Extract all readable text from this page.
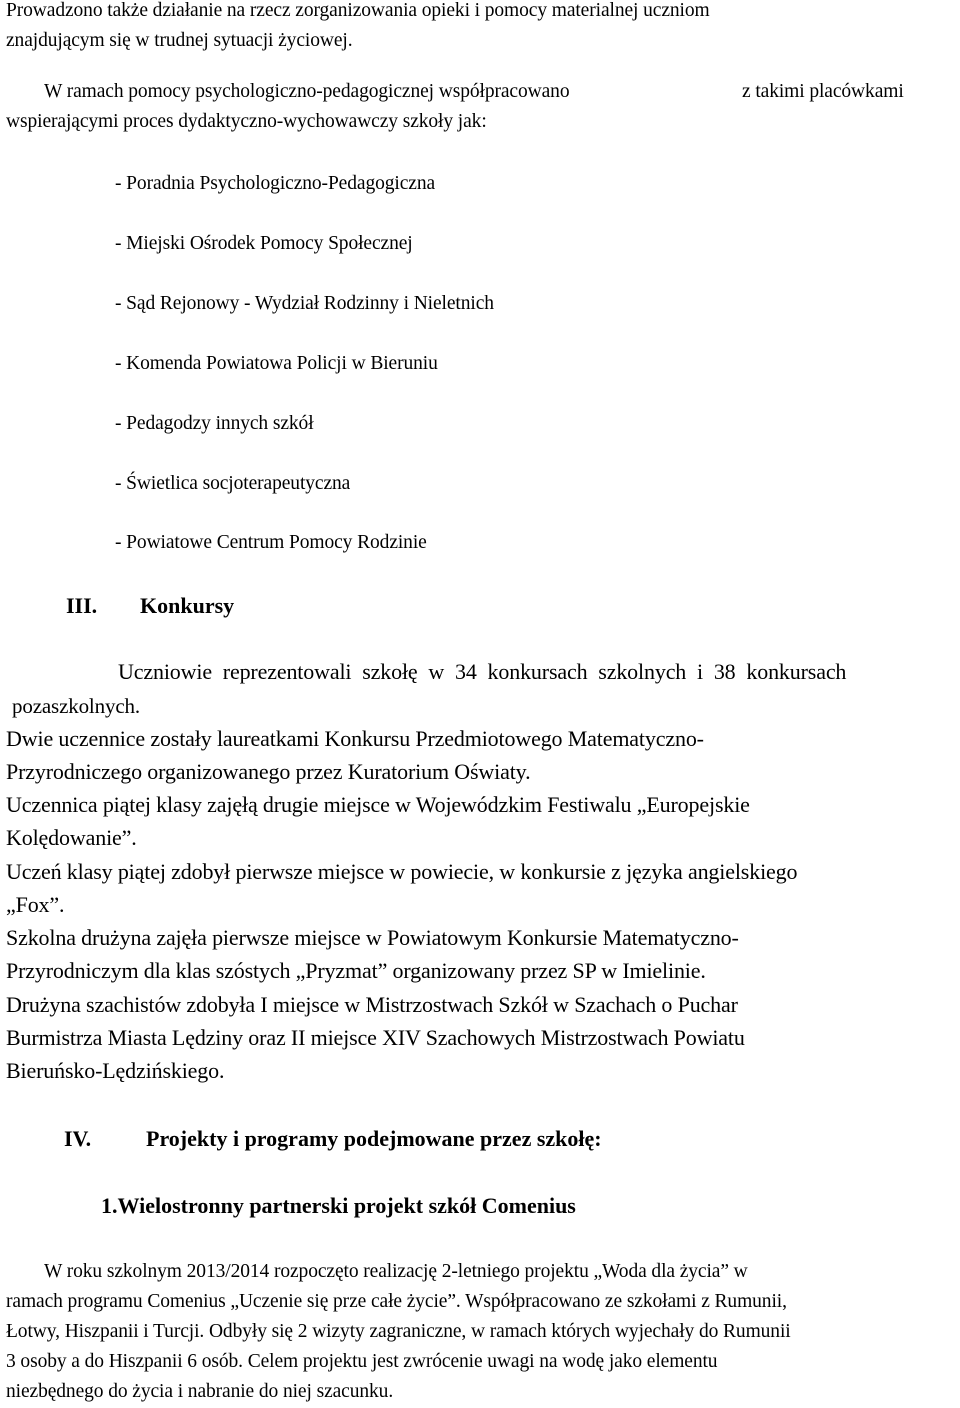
Prowadzono także działanie na rzecz zorganizowania opieki i pomocy materialnej uczniom
znajdującym się w trudnej sytuacji życiowej.
W ramach pomocy psychologiczno-pedagogicznej współpracowano	z takimi placówkami
wspierającymi proces dydaktyczno-wychowawczy szkoły jak:
- Poradnia Psychologiczno-Pedagogiczna
- Miejski Ośrodek Pomocy Społecznej
- Sąd Rejonowy - Wydział Rodzinny i Nieletnich
- Komenda Powiatowa Policji w Bieruniu
- Pedagodzy innych szkół
- Świetlica socjoterapeutyczna
- Powiatowe Centrum Pomocy Rodzinie
III. Konkursy
Uczniowie reprezentowali szkołę w 34 konkursach szkolnych i 38 konkursach
pozaszkolnych.
Dwie uczennice zostały laureatkami Konkursu Przedmiotowego Matematyczno-
Przyrodniczego organizowanego przez Kuratorium Oświaty.
Uczennica piątej klasy zajęłą drugie miejsce w Wojewódzkim Festiwalu „Europejskie
Kolędowanie”.
Uczeń klasy piątej zdobył pierwsze miejsce w powiecie, w konkursie z języka angielskiego
„Fox”.
Szkolna drużyna zajęła pierwsze miejsce w Powiatowym Konkursie Matematyczno-
Przyrodniczym dla klas szóstych „Pryzmat” organizowany przez SP w Imielinie.
Drużyna szachistów zdobyła I miejsce w Mistrzostwach Szkół w Szachach o Puchar
Burmistrza Miasta Lędziny oraz II miejsce XIV Szachowych Mistrzostwach Powiatu
Bieruńsko-Lędzińskiego.
IV. Projekty i programy podejmowane przez szkołę:
1.Wielostronny partnerski projekt szkół Comenius
W roku szkolnym 2013/2014 rozpoczęto realizację 2-letniego projektu „Woda dla życia” w
ramach programu Comenius „Uczenie się prze całe życie”. Współpracowano ze szkołami z Rumunii,
Łotwy, Hiszpanii i Turcji. Odbyły się 2 wizyty zagraniczne, w ramach których wyjechały do Rumunii
3 osoby a do Hiszpanii 6 osób. Celem projektu jest zwrócenie uwagi na wodę jako elementu
niezbędnego do życia i nabranie do niej szacunku.
